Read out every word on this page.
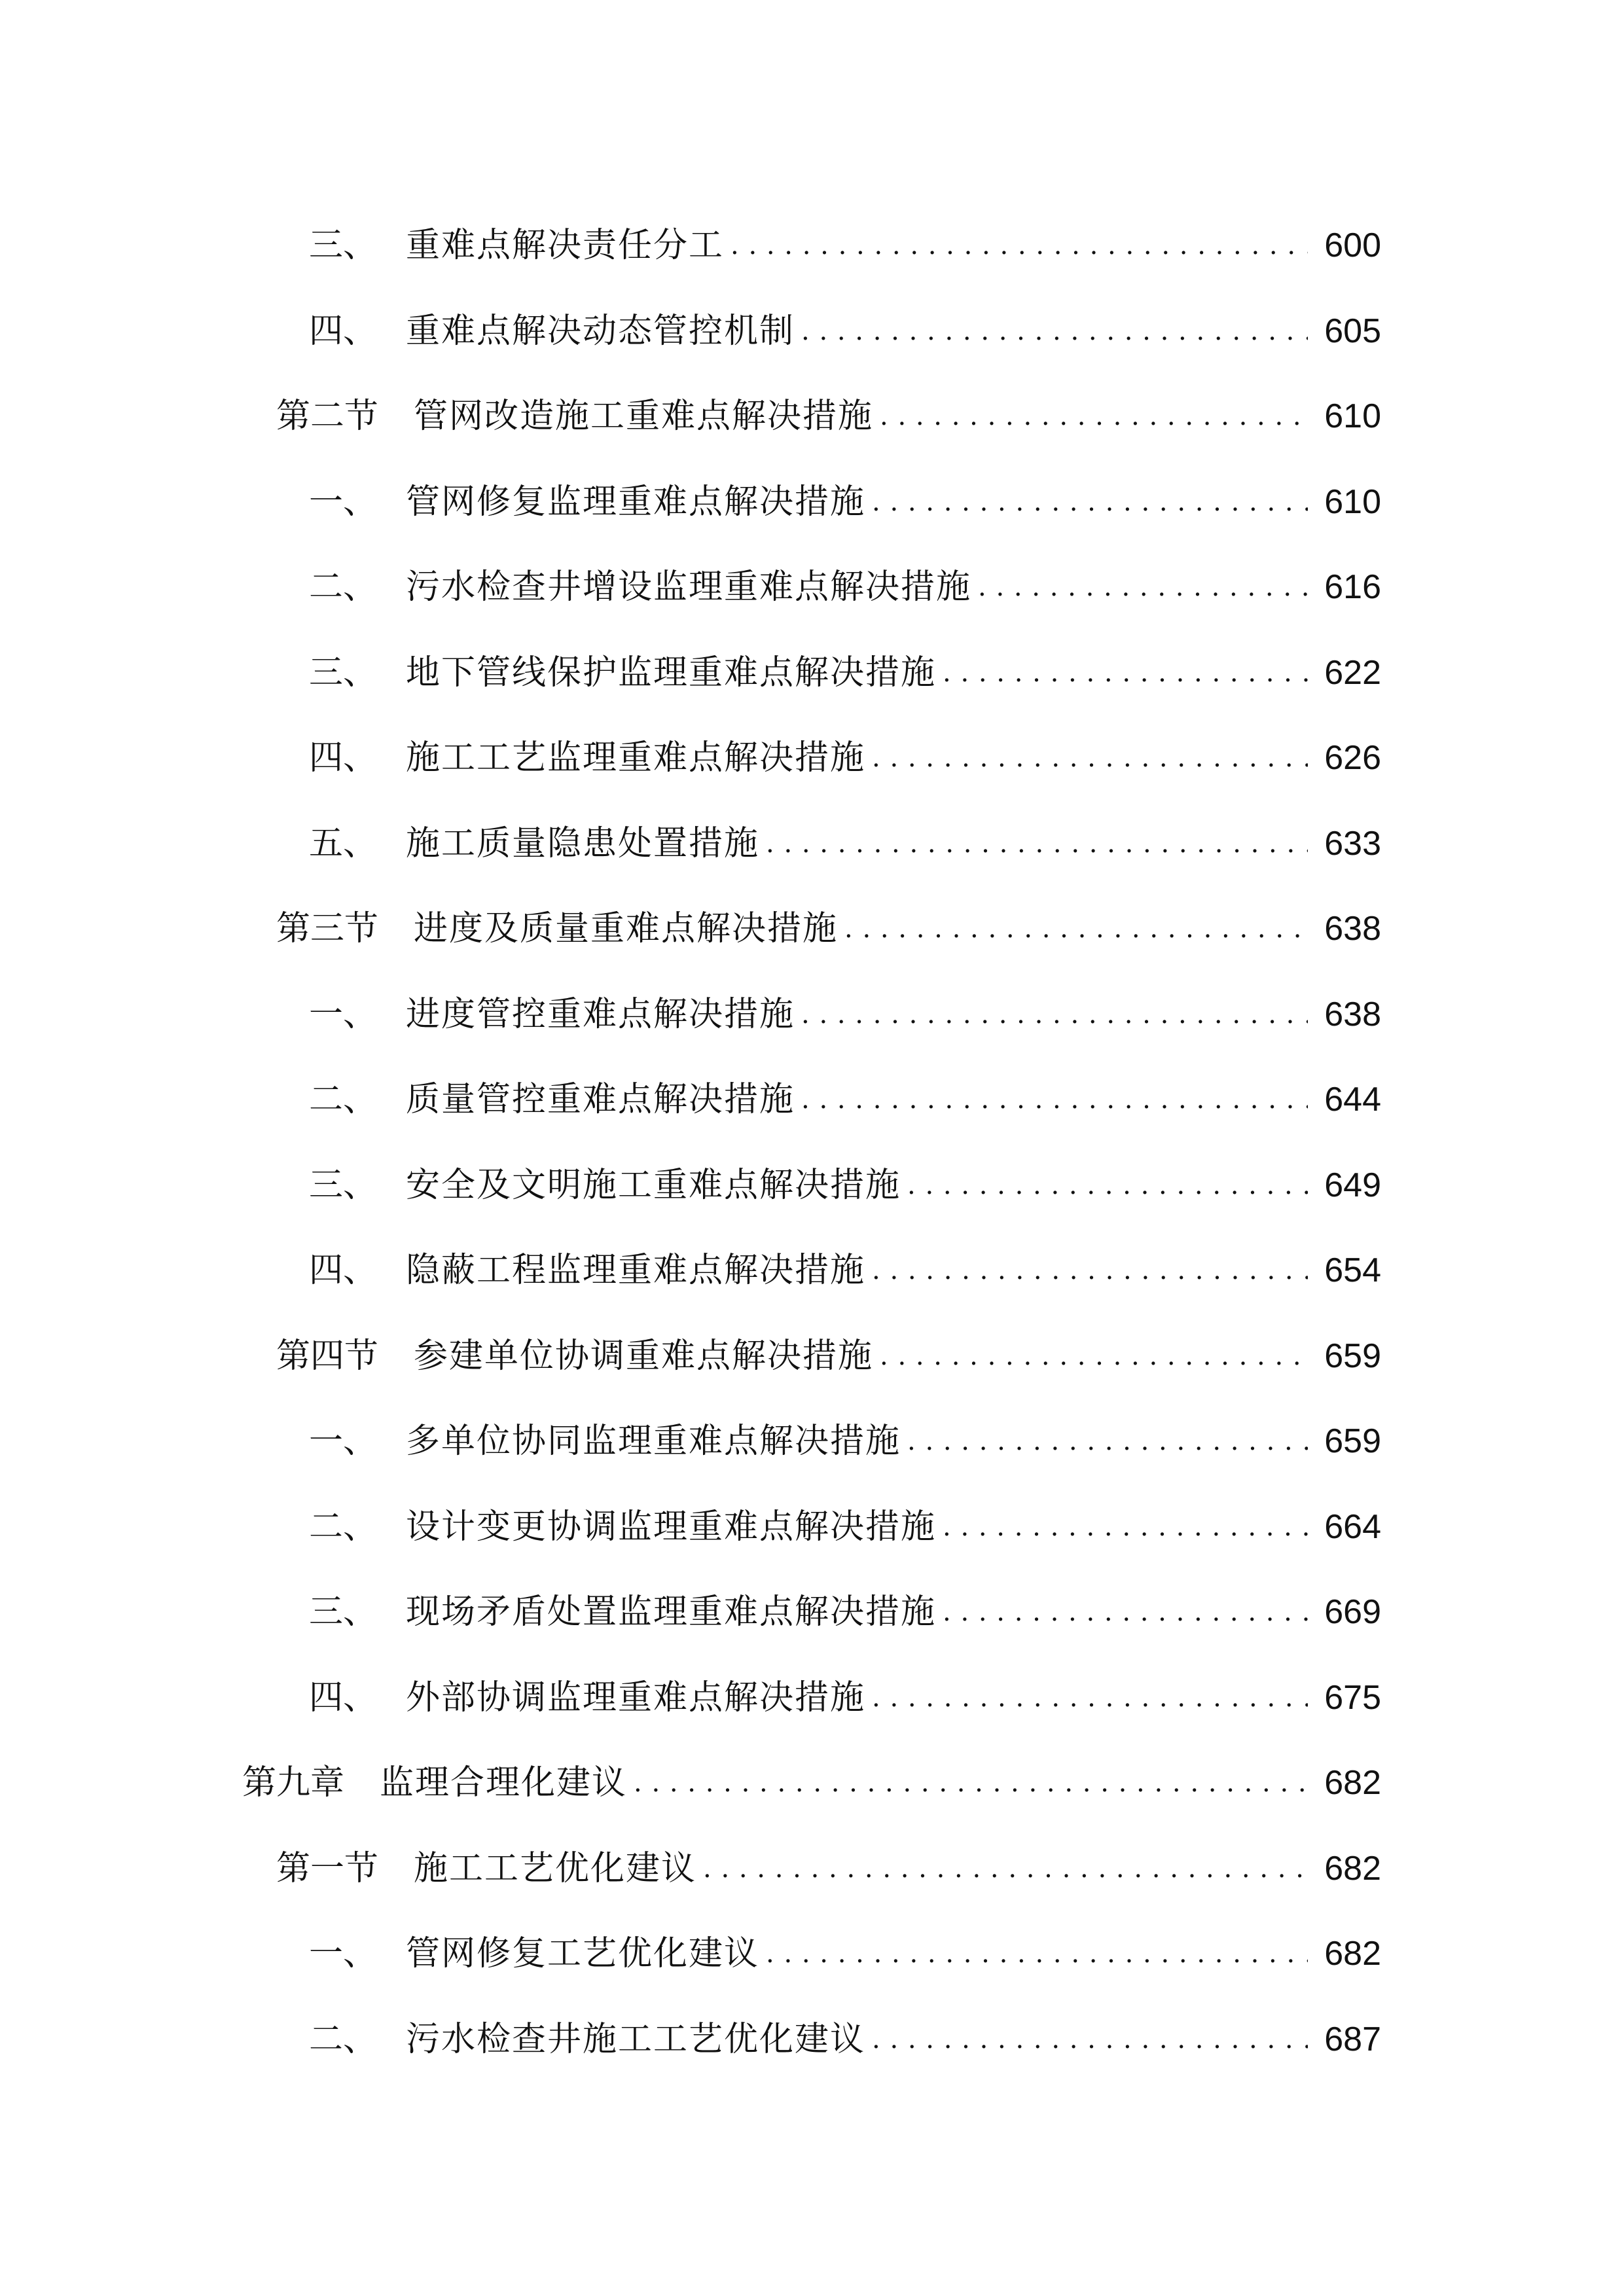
三、 重难点解决责任分工 . . .	600
四、 重难点解决动态管控机制 . . .	605
第二节	管网改造施工重难点解决措施 . . .	610
一、 管网修复监理重难点解决措施 . . .	610
二、 污水检查井增设监理重难点解决措施 . . .	616
三、 地下管线保护监理重难点解决措施 . . .	622
四、 施工工艺监理重难点解决措施 . . .	626
五、 施工质量隐患处置措施 . . .	633
第三节	进度及质量重难点解决措施 . . .	638
一、 进度管控重难点解决措施 . . .	638
二、 质量管控重难点解决措施 . . .	644
三、 安全及文明施工重难点解决措施 . . .	649
四、 隐蔽工程监理重难点解决措施 . . .	654
第四节	参建单位协调重难点解决措施 . . .	659
一、 多单位协同监理重难点解决措施 . . .	659
二、 设计变更协调监理重难点解决措施 . . .	664
三、 现场矛盾处置监理重难点解决措施 . . .	669
四、 外部协调监理重难点解决措施 . . .	675
第九章	监理合理化建议 . . .	682
第一节	施工工艺优化建议 . . .	682
一、 管网修复工艺优化建议 . . .	682
二、 污水检查井施工工艺优化建议 . . .	687
